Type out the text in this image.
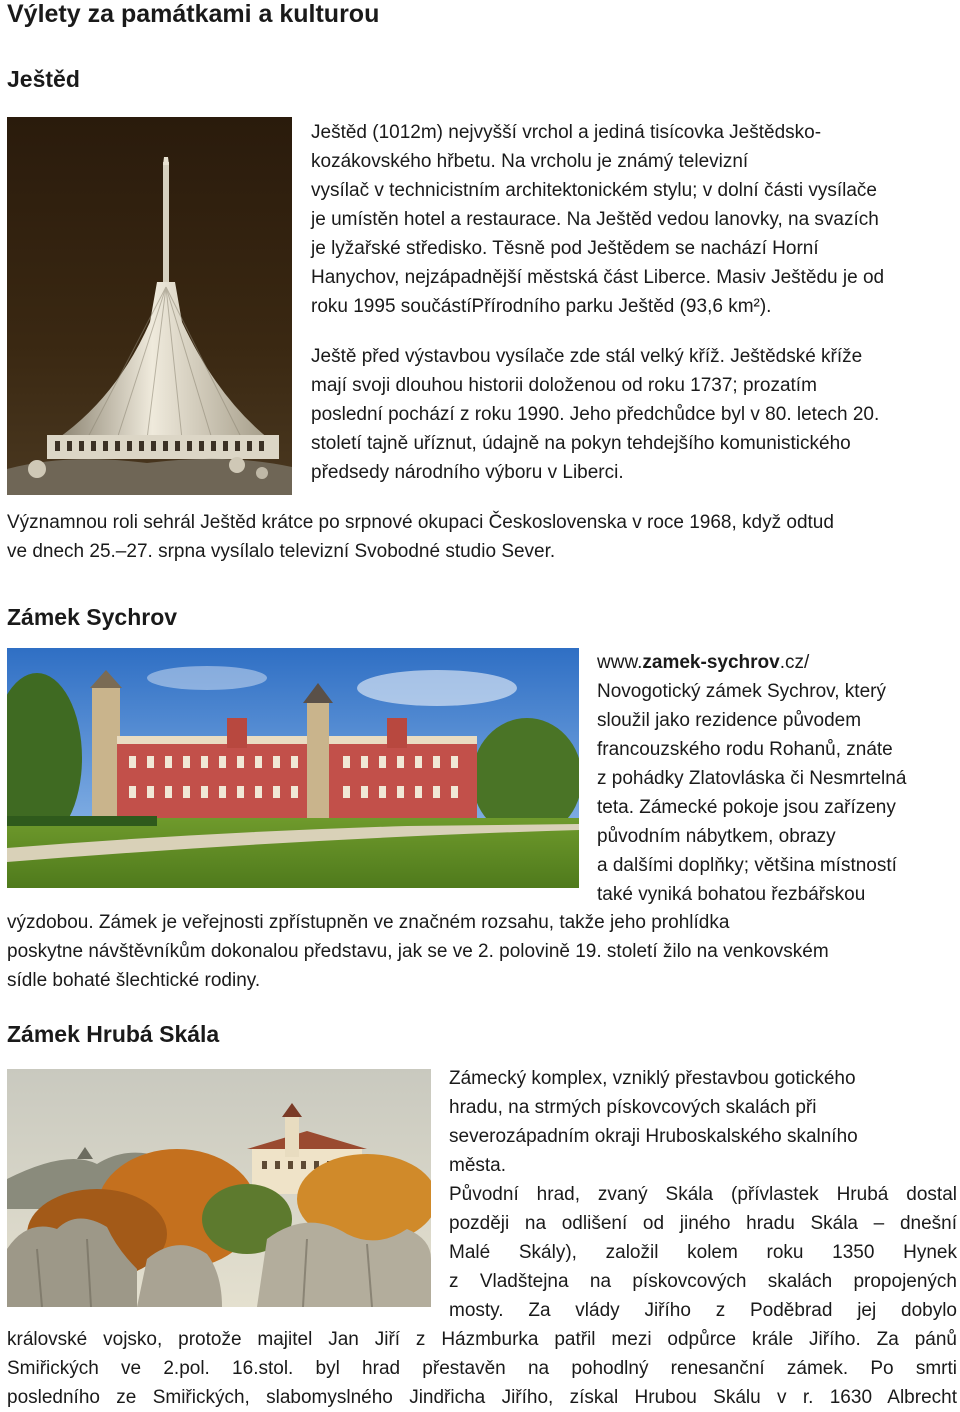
Výlety za památkami a kulturou
Ještěd
Ještěd (1012m) nejvyšší vrchol a jediná tisícovka Ještědsko-
kozákovského hřbetu. Na vrcholu je známý televizní
vysílač v technicistním architektonickém stylu; v dolní části vysílače
je umístěn hotel a restaurace. Na Ještěd vedou lanovky, na svazích
je lyžařské středisko. Těsně pod Ještědem se nachází Horní
Hanychov, nejzápadnější městská část Liberce. Masiv Ještědu je od
roku 1995 součástíPřírodního parku Ještěd (93,6 km²).
Ještě před výstavbou vysílače zde stál velký kříž. Ještědské kříže
mají svoji dlouhou historii doloženou od roku 1737; prozatím
poslední pochází z roku 1990. Jeho předchůdce byl v 80. letech 20.
století tajně uříznut, údajně na pokyn tehdejšího komunistického
předsedy národního výboru v Liberci.
Významnou roli sehrál Ještěd krátce po srpnové okupaci Československa v roce 1968, když odtud
ve dnech 25.–27. srpna vysílalo televizní Svobodné studio Sever.
Zámek Sychrov
www.zamek-sychrov.cz/
Novogotický zámek Sychrov, který
sloužil jako rezidence původem
francouzského rodu Rohanů, znáte
z pohádky Zlatovláska či Nesmrtelná
teta. Zámecké pokoje jsou zařízeny
původním nábytkem, obrazy
a dalšími doplňky; většina místností
také vyniká bohatou řezbářskou
výzdobou. Zámek je veřejnosti zpřístupněn ve značném rozsahu, takže jeho prohlídka
poskytne návštěvníkům dokonalou představu, jak se ve 2. polovině 19. století žilo na venkovském
sídle bohaté šlechtické rodiny.
Zámek Hrubá Skála
Zámecký komplex, vzniklý přestavbou gotického
hradu, na strmých pískovcových skalách při
severozápadním okraji Hruboskalského skalního
města.
Původní hrad, zvaný Skála (přívlastek Hrubá dostal
později na odlišení od jiného hradu Skála – dnešní
Malé Skály), založil kolem roku 1350 Hynek
z Vladštejna na pískovcových skalách propojených
mosty. Za vlády Jiřího z Poděbrad jej dobylo
královské vojsko, protože majitel Jan Jiří z Házmburka patřil mezi odpůrce krále Jiřího. Za pánů
Smiřických ve 2.pol. 16.stol. byl hrad přestavěn na pohodlný renesanční zámek. Po smrti
posledního ze Smiřických, slabomyslného Jindřicha Jiřího, získal Hrubou Skálu v r. 1630 Albrecht
